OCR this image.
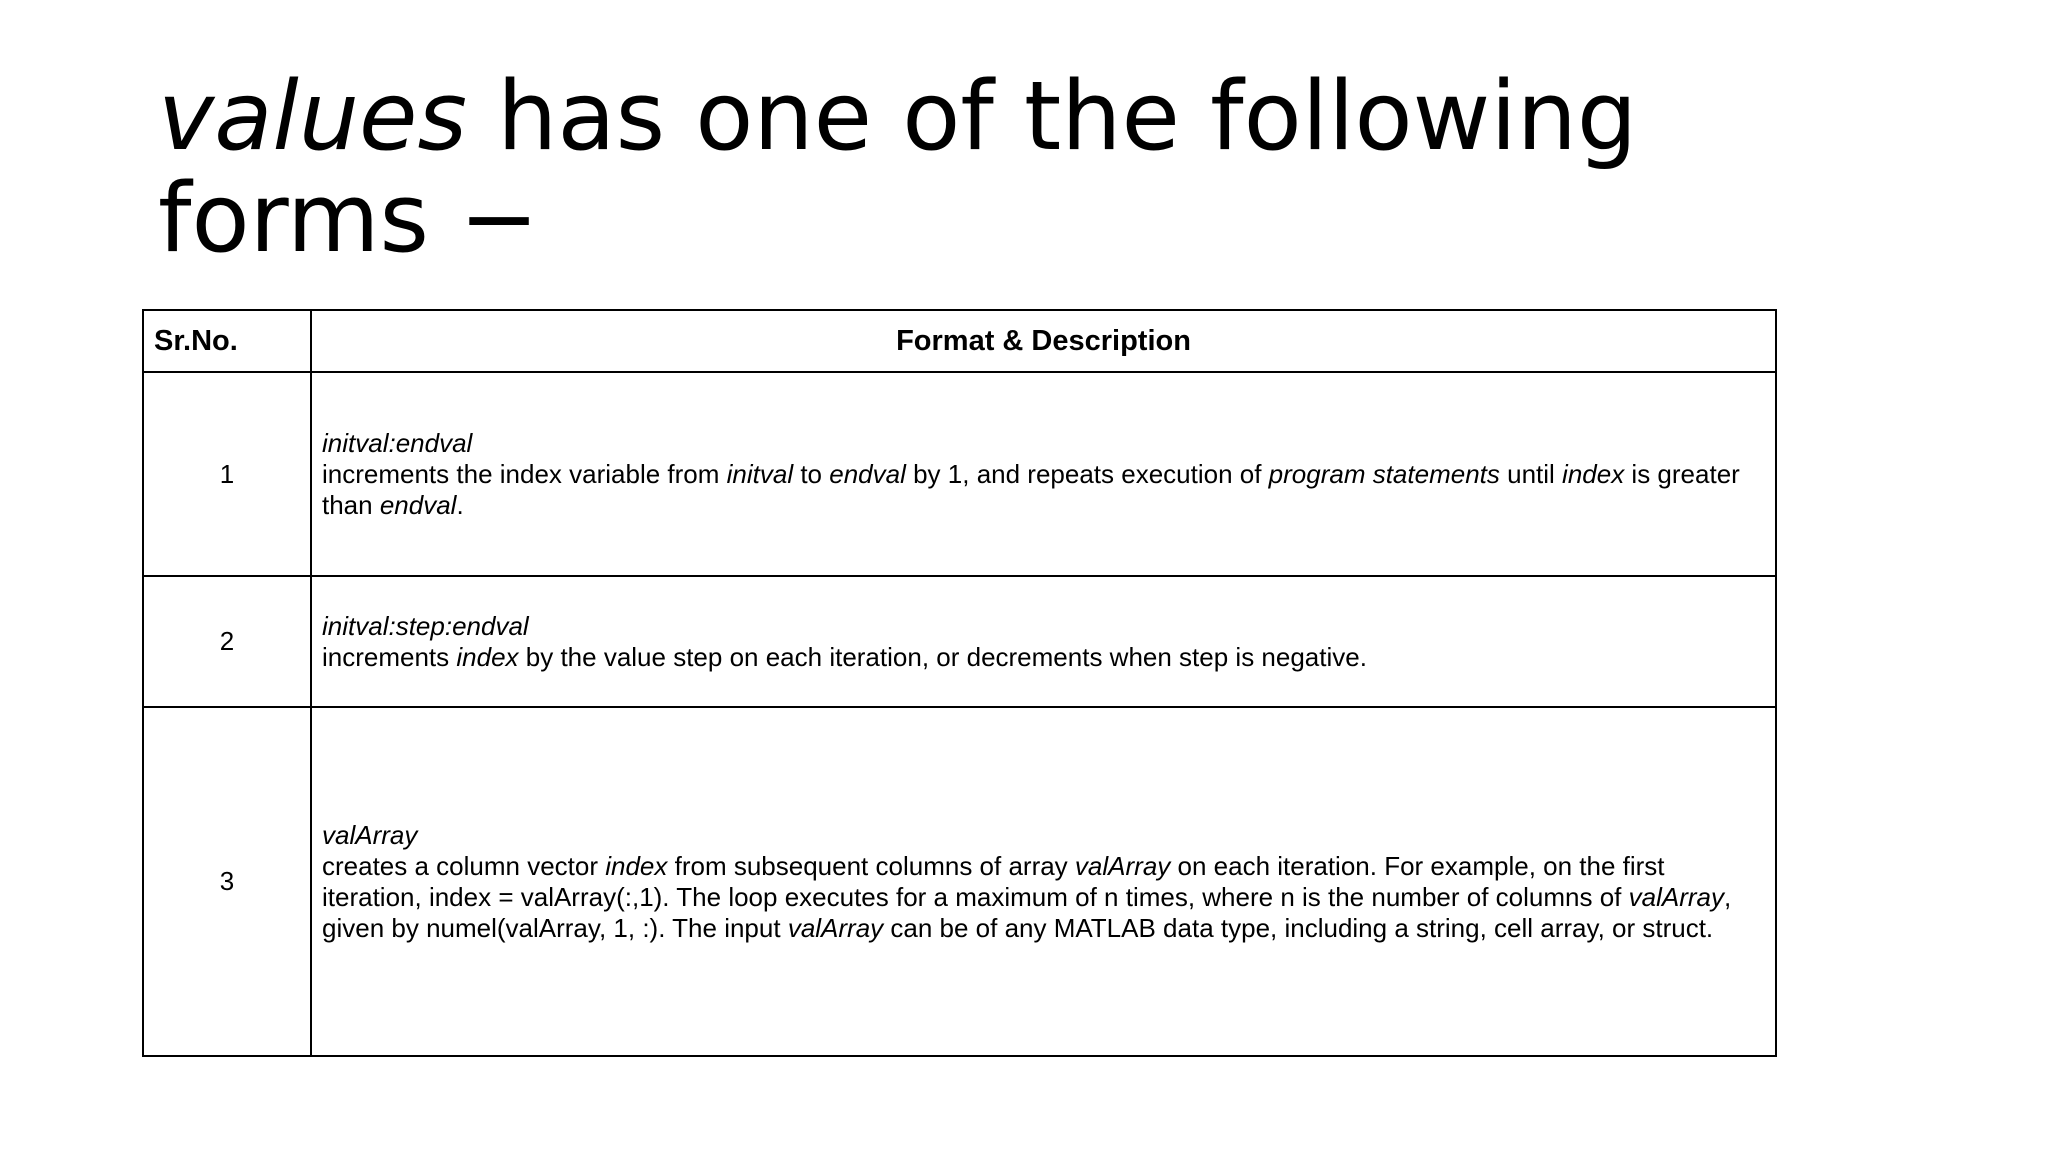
values has one of the following forms −
Sr.No.	Format & Description
1	initval:endval
increments the index variable from initval to endval by 1, and repeats execution of program statements until index is greater than endval.
2	initval:step:endval
increments index by the value step on each iteration, or decrements when step is negative.
3	valArray
creates a column vector index from subsequent columns of array valArray on each iteration. For example, on the first iteration, index = valArray(:,1). The loop executes for a maximum of n times, where n is the number of columns of valArray, given by numel(valArray, 1, :). The input valArray can be of any MATLAB data type, including a string, cell array, or struct.
